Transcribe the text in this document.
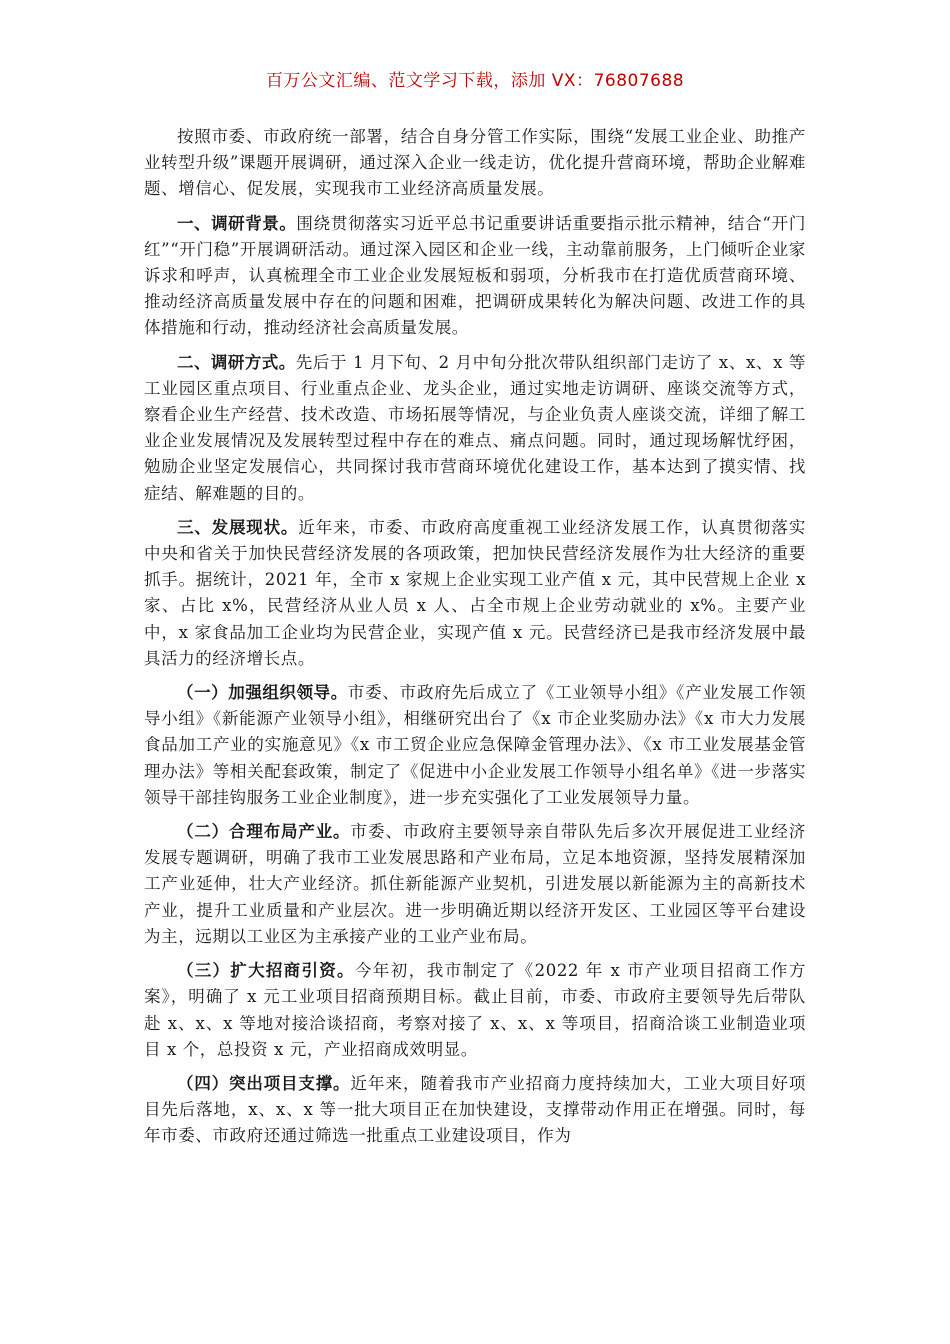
百万公文汇编、范文学习下载，添加 VX：76807688

按照市委、市政府统一部署，结合自身分管工作实际，围绕“发展工业企业、助推产业转型升级”课题开展调研，通过深入企业一线走访，优化提升营商环境，帮助企业解难题、增信心、促发展，实现我市工业经济高质量发展。

一、调研背景。围绕贯彻落实习近平总书记重要讲话重要指示批示精神，结合“开门红”“开门稳”开展调研活动。通过深入园区和企业一线，主动靠前服务，上门倾听企业家诉求和呼声，认真梳理全市工业企业发展短板和弱项，分析我市在打造优质营商环境、推动经济高质量发展中存在的问题和困难，把调研成果转化为解决问题、改进工作的具体措施和行动，推动经济社会高质量发展。

二、调研方式。先后于 1 月下旬、2 月中旬分批次带队组织部门走访了 x、x、x 等工业园区重点项目、行业重点企业、龙头企业，通过实地走访调研、座谈交流等方式，察看企业生产经营、技术改造、市场拓展等情况，与企业负责人座谈交流，详细了解工业企业发展情况及发展转型过程中存在的难点、痛点问题。同时，通过现场解忧纾困，勉励企业坚定发展信心，共同探讨我市营商环境优化建设工作，基本达到了摸实情、找症结、解难题的目的。

三、发展现状。近年来，市委、市政府高度重视工业经济发展工作，认真贯彻落实中央和省关于加快民营经济发展的各项政策，把加快民营经济发展作为壮大经济的重要抓手。据统计，2021 年，全市 x 家规上企业实现工业产值 x 元，其中民营规上企业 x 家、占比 x%，民营经济从业人员 x 人、占全市规上企业劳动就业的 x%。主要产业中，x 家食品加工企业均为民营企业，实现产值 x 元。民营经济已是我市经济发展中最具活力的经济增长点。

（一）加强组织领导。市委、市政府先后成立了《工业领导小组》《产业发展工作领导小组》《新能源产业领导小组》，相继研究出台了《x 市企业奖励办法》《x 市大力发展食品加工产业的实施意见》《x 市工贸企业应急保障金管理办法》、《x 市工业发展基金管理办法》等相关配套政策，制定了《促进中小企业发展工作领导小组名单》《进一步落实领导干部挂钩服务工业企业制度》，进一步充实强化了工业发展领导力量。

（二）合理布局产业。市委、市政府主要领导亲自带队先后多次开展促进工业经济发展专题调研，明确了我市工业发展思路和产业布局，立足本地资源，坚持发展精深加工产业延伸，壮大产业经济。抓住新能源产业契机，引进发展以新能源为主的高新技术产业，提升工业质量和产业层次。进一步明确近期以经济开发区、工业园区等平台建设为主，远期以工业区为主承接产业的工业产业布局。

（三）扩大招商引资。今年初，我市制定了《2022 年 x 市产业项目招商工作方案》，明确了 x 元工业项目招商预期目标。截止目前，市委、市政府主要领导先后带队赴 x、x、x 等地对接洽谈招商，考察对接了 x、x、x 等项目，招商洽谈工业制造业项目 x 个，总投资 x 元，产业招商成效明显。

（四）突出项目支撑。近年来，随着我市产业招商力度持续加大，工业大项目好项目先后落地，x、x、x 等一批大项目正在加快建设，支撑带动作用正在增强。同时，每年市委、市政府还通过筛选一批重点工业建设项目，作为
